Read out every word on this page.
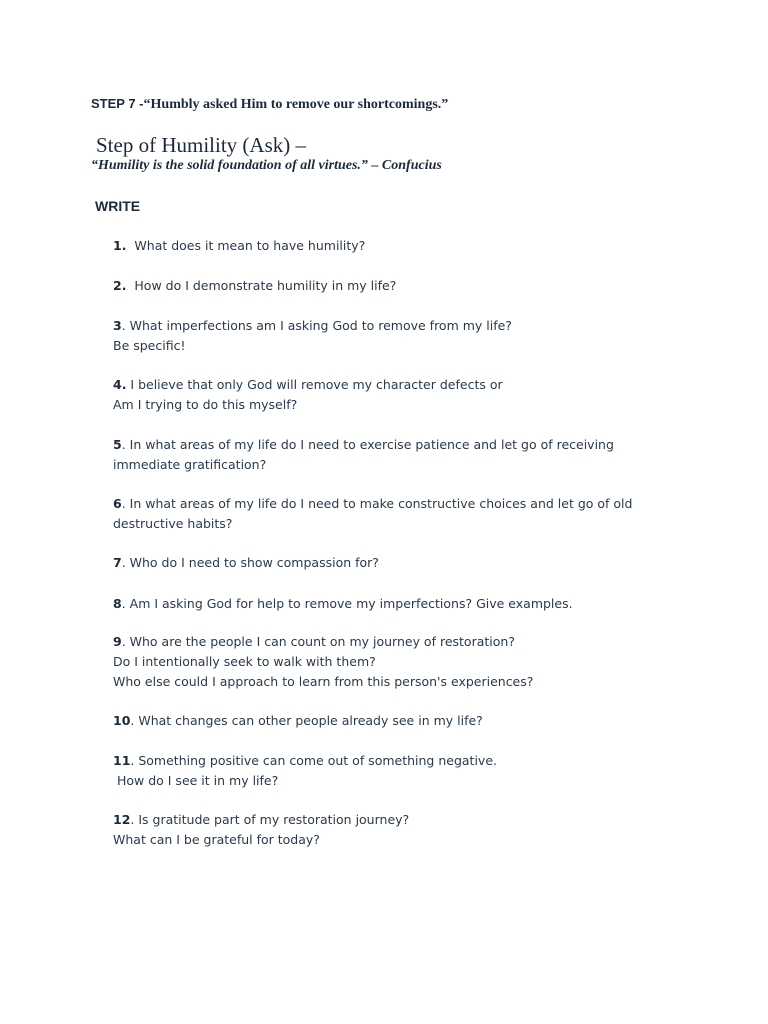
STEP 7 -“Humbly asked Him to remove our shortcomings.”
Step of Humility (Ask) –
“Humility is the solid foundation of all virtues.” – Confucius
WRITE
1. What does it mean to have humility?
2. How do I demonstrate humility in my life?
3. What imperfections am I asking God to remove from my life?
Be specific!
4. I believe that only God will remove my character defects or
Am I trying to do this myself?
5. In what areas of my life do I need to exercise patience and let go of receiving
immediate gratification?
6. In what areas of my life do I need to make constructive choices and let go of old
destructive habits?
7. Who do I need to show compassion for?
8. Am I asking God for help to remove my imperfections? Give examples.
9. Who are the people I can count on my journey of restoration?
Do I intentionally seek to walk with them?
Who else could I approach to learn from this person's experiences?
10. What changes can other people already see in my life?
11. Something positive can come out of something negative.
How do I see it in my life?
12. Is gratitude part of my restoration journey?
What can I be grateful for today?
